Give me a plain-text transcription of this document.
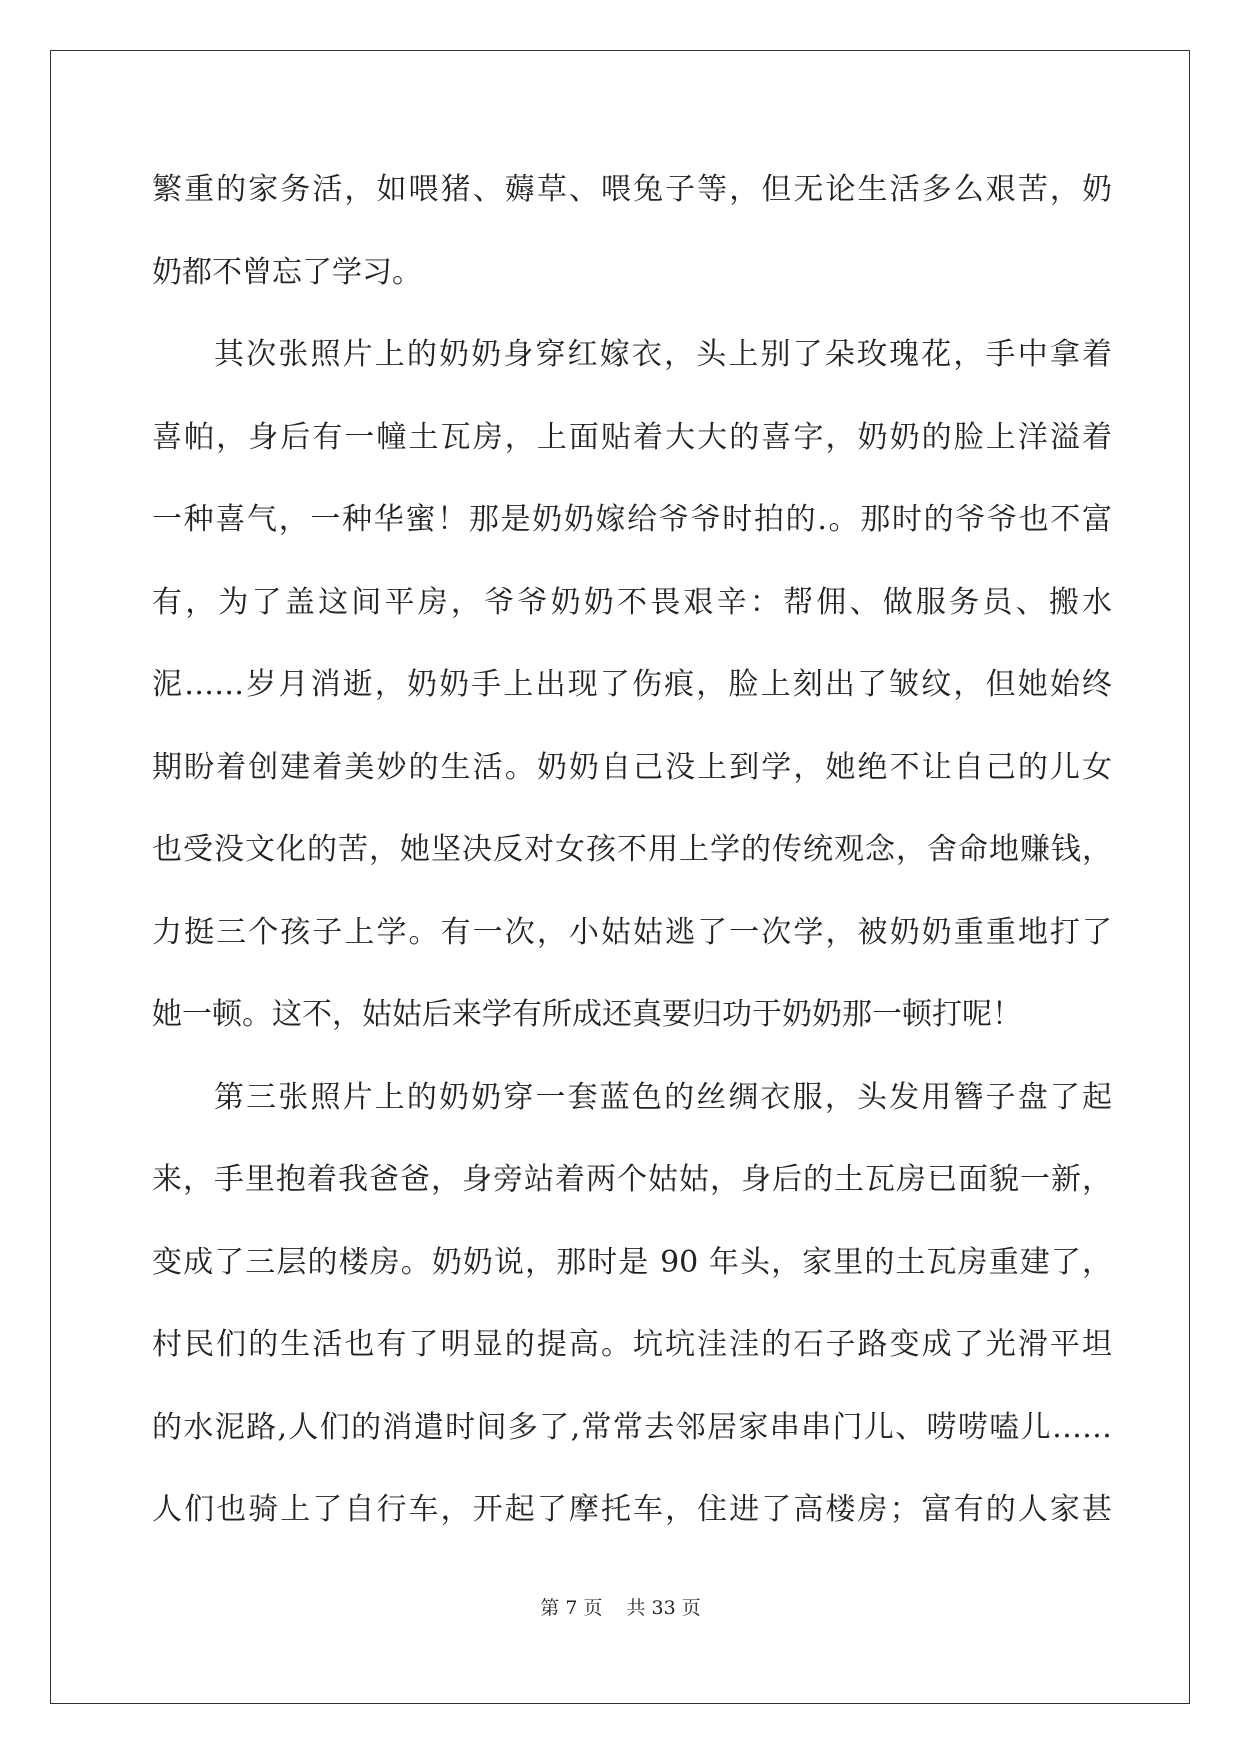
繁重的家务活，如喂猪、薅草、喂兔子等，但无论生活多么艰苦，奶
奶都不曾忘了学习。
其次张照片上的奶奶身穿红嫁衣，头上别了朵玫瑰花，手中拿着
喜帕，身后有一幢土瓦房，上面贴着大大的喜字，奶奶的脸上洋溢着
一种喜气，一种华蜜！那是奶奶嫁给爷爷时拍的.。那时的爷爷也不富
有，为了盖这间平房，爷爷奶奶不畏艰辛：帮佣、做服务员、搬水
泥……岁月消逝，奶奶手上出现了伤痕，脸上刻出了皱纹，但她始终
期盼着创建着美妙的生活。奶奶自己没上到学，她绝不让自己的儿女
也受没文化的苦，她坚决反对女孩不用上学的传统观念，舍命地赚钱，
力挺三个孩子上学。有一次，小姑姑逃了一次学，被奶奶重重地打了
她一顿。这不，姑姑后来学有所成还真要归功于奶奶那一顿打呢！
第三张照片上的奶奶穿一套蓝色的丝绸衣服，头发用簪子盘了起
来，手里抱着我爸爸，身旁站着两个姑姑，身后的土瓦房已面貌一新，
变成了三层的楼房。奶奶说，那时是 90 年头，家里的土瓦房重建了，
村民们的生活也有了明显的提高。坑坑洼洼的石子路变成了光滑平坦
的水泥路,人们的消遣时间多了,常常去邻居家串串门儿、唠唠嗑儿……
人们也骑上了自行车，开起了摩托车，住进了高楼房；富有的人家甚
第 7 页 共 33 页
